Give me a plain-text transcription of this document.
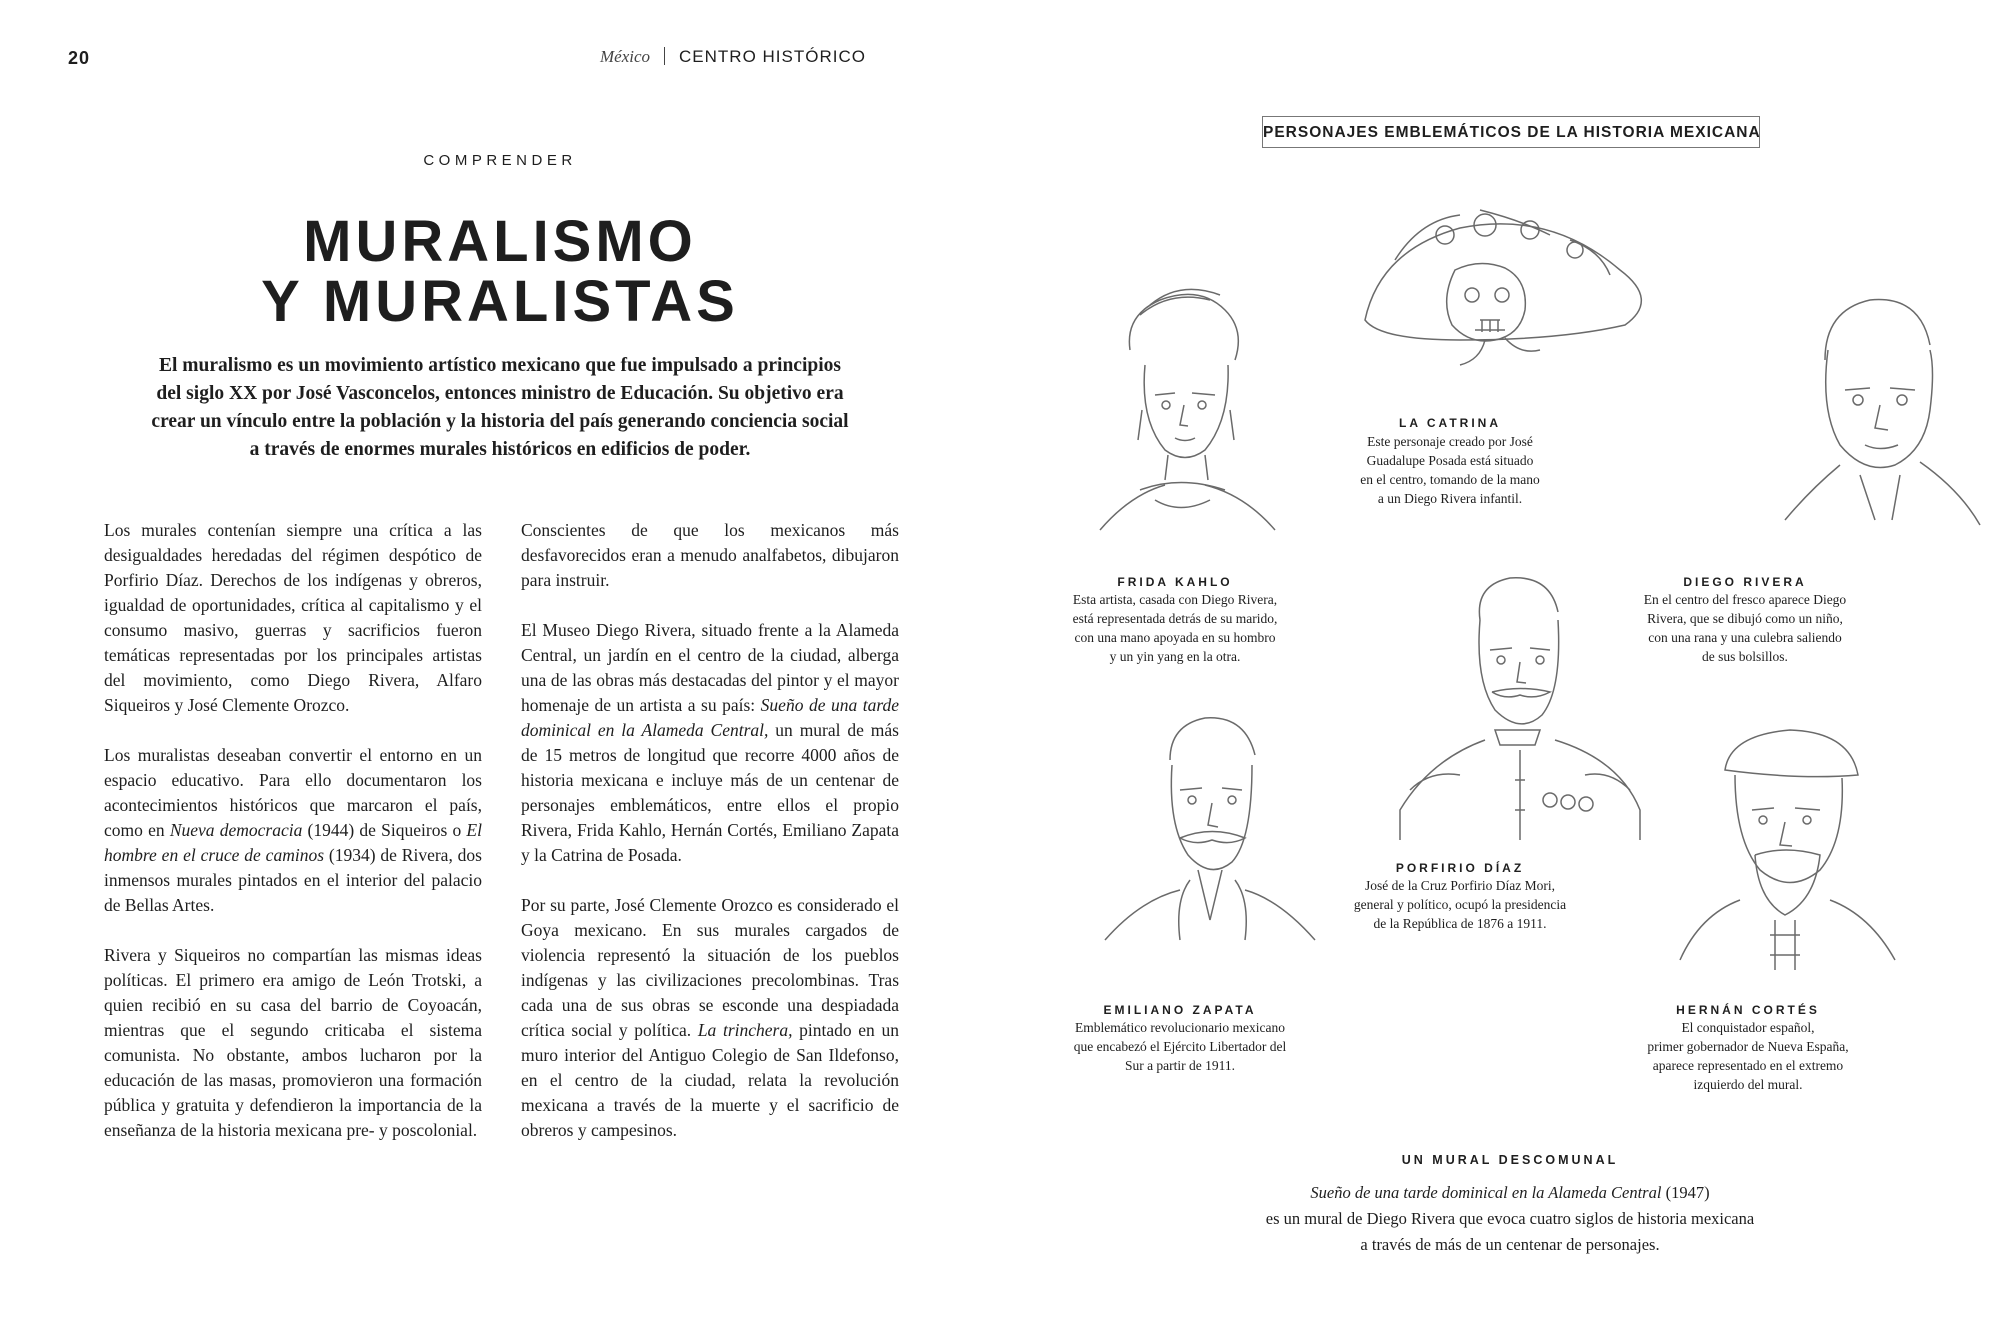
20	México CENTRO HISTÓRICO
COMPRENDER
MURALISMO
Y MURALISTAS
El muralismo es un movimiento artístico mexicano que fue impulsado a principios
del siglo XX por José Vasconcelos, entonces ministro de Educación. Su objetivo era
crear un vínculo entre la población y la historia del país generando conciencia social
a través de enormes murales históricos en edificios de poder.

Los murales contenían siempre una crítica a las desigualdades heredadas del régimen despótico de Porfirio Díaz. Derechos de los indígenas y obreros, igualdad de oportunidades, crítica al capitalismo y el consumo masivo, guerras y sacrificios fueron temáticas representadas por los principales artistas del movimiento, como Diego Rivera, Alfaro Siqueiros y José Clemente Orozco.

Los muralistas deseaban convertir el entorno en un espacio educativo. Para ello documentaron los acontecimientos históricos que marcaron el país, como en Nueva democracia (1944) de Siqueiros o El hombre en el cruce de caminos (1934) de Rivera, dos inmensos murales pintados en el interior del palacio de Bellas Artes.

Rivera y Siqueiros no compartían las mismas ideas políticas. El primero era amigo de León Trotski, a quien recibió en su casa del barrio de Coyoacán, mientras que el segundo criticaba el sistema comunista. No obstante, ambos lucharon por la educación de las masas, promovieron una formación pública y gratuita y defendieron la importancia de la enseñanza de la historia mexicana pre- y poscolonial.

Conscientes de que los mexicanos más desfavorecidos eran a menudo analfabetos, dibujaron para instruir.

El Museo Diego Rivera, situado frente a la Alameda Central, un jardín en el centro de la ciudad, alberga una de las obras más destacadas del pintor y el mayor homenaje de un artista a su país: Sueño de una tarde dominical en la Alameda Central, un mural de más de 15 metros de longitud que recorre 4000 años de historia mexicana e incluye más de un centenar de personajes emblemáticos, entre ellos el propio Rivera, Frida Kahlo, Hernán Cortés, Emiliano Zapata y la Catrina de Posada.

Por su parte, José Clemente Orozco es considerado el Goya mexicano. En sus murales cargados de violencia representó la situación de los pueblos indígenas y las civilizaciones precolombinas. Tras cada una de sus obras se esconde una despiadada crítica social y política. La trinchera, pintado en un muro interior del Antiguo Colegio de San Ildefonso, en el centro de la ciudad, relata la revolución mexicana a través de la muerte y el sacrificio de obreros y campesinos.

PERSONAJES EMBLEMÁTICOS DE LA HISTORIA MEXICANA
LA CATRINA
Este personaje creado por José
Guadalupe Posada está situado
en el centro, tomando de la mano
a un Diego Rivera infantil.
FRIDA KAHLO
Esta artista, casada con Diego Rivera,
está representada detrás de su marido,
con una mano apoyada en su hombro
y un yin yang en la otra.
DIEGO RIVERA
En el centro del fresco aparece Diego
Rivera, que se dibujó como un niño,
con una rana y una culebra saliendo
de sus bolsillos.
PORFIRIO DÍAZ
José de la Cruz Porfirio Díaz Mori,
general y político, ocupó la presidencia
de la República de 1876 a 1911.
EMILIANO ZAPATA
Emblemático revolucionario mexicano
que encabezó el Ejército Libertador del
Sur a partir de 1911.
HERNÁN CORTÉS
El conquistador español,
primer gobernador de Nueva España,
aparece representado en el extremo
izquierdo del mural.
UN MURAL DESCOMUNAL
Sueño de una tarde dominical en la Alameda Central (1947)
es un mural de Diego Rivera que evoca cuatro siglos de historia mexicana
a través de más de un centenar de personajes.
